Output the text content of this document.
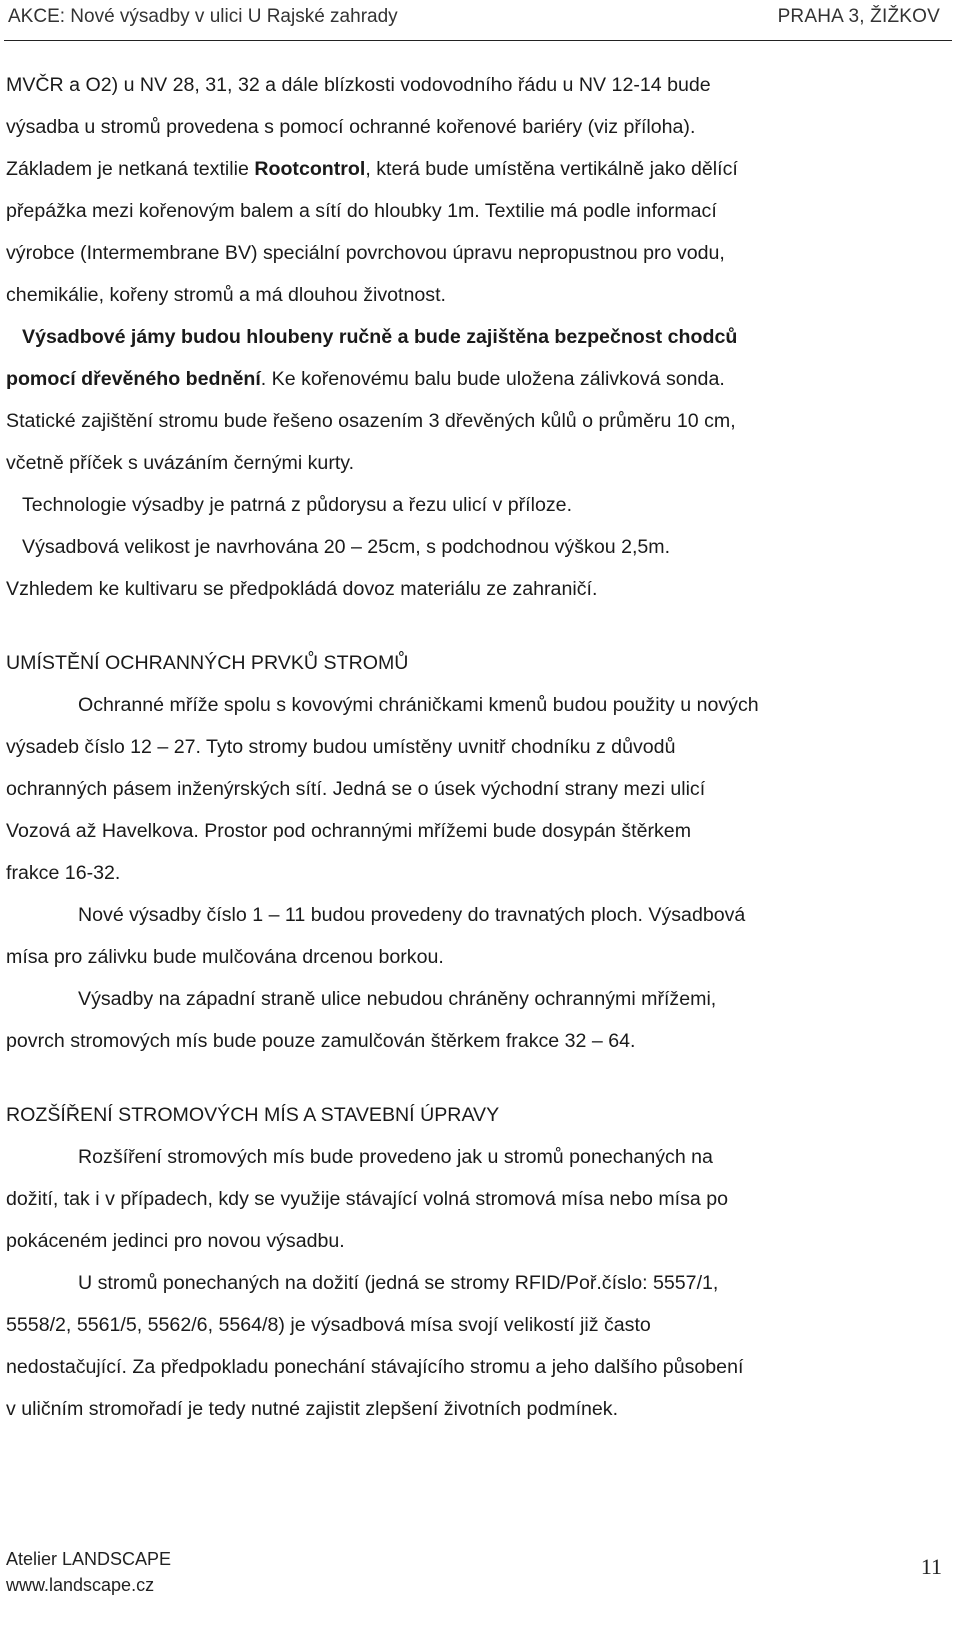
AKCE: Nové výsadby v ulici U Rajské zahrady	PRAHA 3, ŽIŽKOV

MVČR a O2) u NV 28, 31, 32 a dále blízkosti vodovodního řádu u NV 12-14 bude
výsadba u stromů provedena s pomocí ochranné kořenové bariéry (viz příloha).
Základem je netkaná textilie Rootcontrol, která bude umístěna vertikálně jako dělící
přepážka mezi kořenovým balem a sítí do hloubky 1m. Textilie má podle informací
výrobce (Intermembrane BV) speciální povrchovou úpravu nepropustnou pro vodu,
chemikálie, kořeny stromů a má dlouhou životnost.

Výsadbové jámy budou hloubeny ručně a bude zajištěna bezpečnost chodců
pomocí dřevěného bednění. Ke kořenovému balu bude uložena zálivková sonda.
Statické zajištění stromu bude řešeno osazením 3 dřevěných kůlů o průměru 10 cm,
včetně příček s uvázáním černými kurty.

Technologie výsadby je patrná z půdorysu a řezu ulicí v příloze.

Výsadbová velikost je navrhována 20 – 25cm, s podchodnou výškou 2,5m.

Vzhledem ke kultivaru se předpokládá dovoz materiálu ze zahraničí.

UMÍSTĚNÍ OCHRANNÝCH PRVKŮ STROMŮ

Ochranné mříže spolu s kovovými chráničkami kmenů budou použity u nových
výsadeb číslo 12 – 27. Tyto stromy budou umístěny uvnitř chodníku z důvodů
ochranných pásem inženýrských sítí. Jedná se o úsek východní strany mezi ulicí
Vozová až Havelkova. Prostor pod ochrannými mřížemi bude dosypán štěrkem
frakce 16-32.

Nové výsadby číslo 1 – 11 budou provedeny do travnatých ploch. Výsadbová
mísa pro zálivku bude mulčována drcenou borkou.

Výsadby na západní straně ulice nebudou chráněny ochrannými mřížemi,
povrch stromových mís bude pouze zamulčován štěrkem frakce 32 – 64.

ROZŠÍŘENÍ STROMOVÝCH MÍS A STAVEBNÍ ÚPRAVY

Rozšíření stromových mís bude provedeno jak u stromů ponechaných na
dožití, tak i v případech, kdy se využije stávající volná stromová mísa nebo mísa po
pokáceném jedinci pro novou výsadbu.

U stromů ponechaných na dožití (jedná se stromy RFID/Poř.číslo: 5557/1,
5558/2, 5561/5, 5562/6, 5564/8) je výsadbová mísa svojí velikostí již často
nedostačující. Za předpokladu ponechání stávajícího stromu a jeho dalšího působení
v uličním stromořadí je tedy nutné zajistit zlepšení životních podmínek.

Atelier LANDSCAPE
www.landscape.cz
11
